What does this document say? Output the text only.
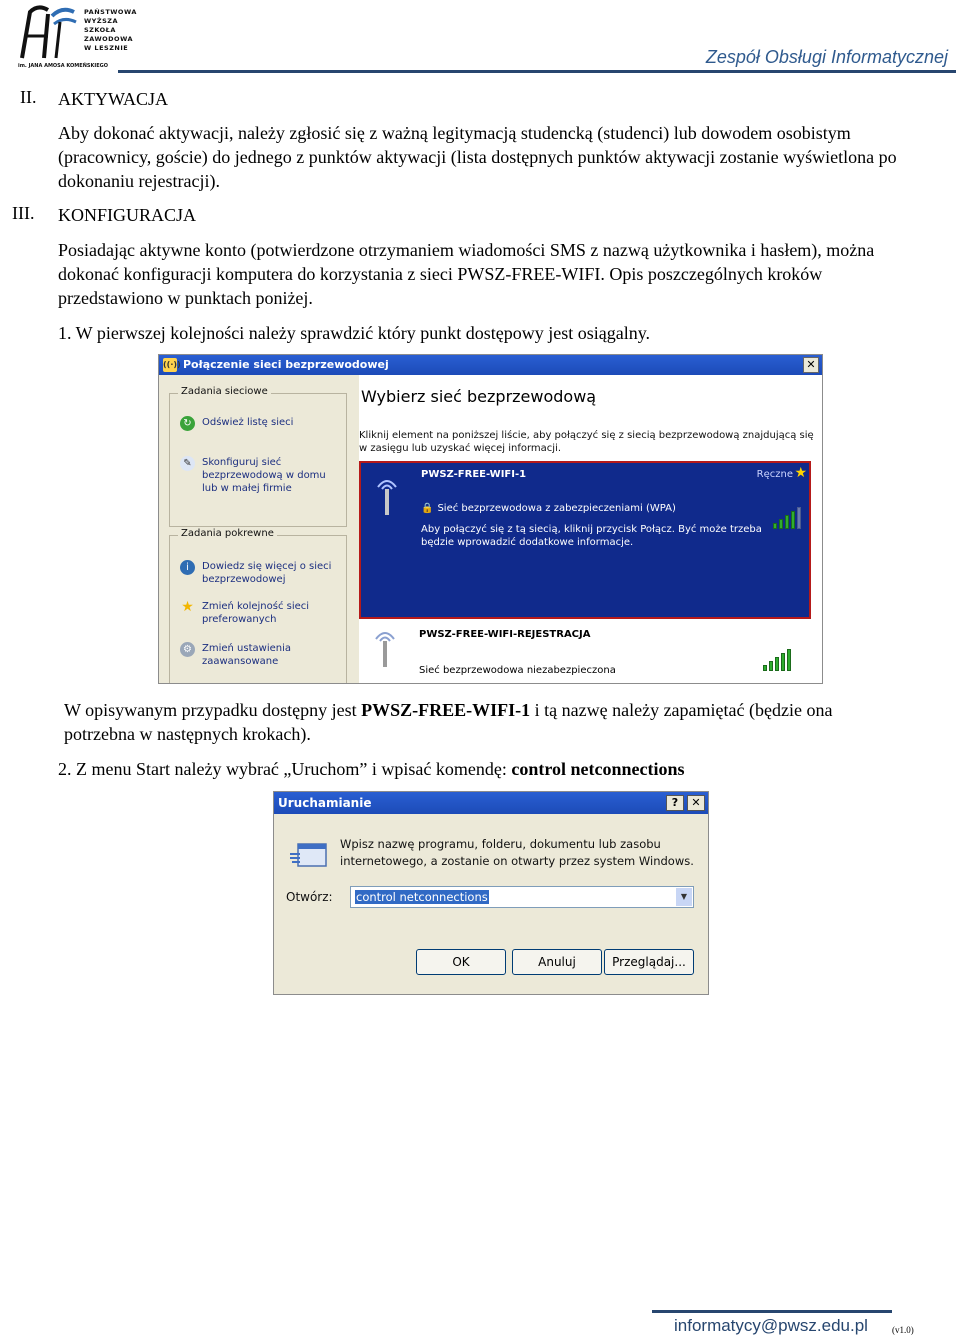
PAŃSTWOWA
WYŻSZA
SZKOŁA
ZAWODOWA
W LESZNIE
im. JANA AMOSA KOMEŃSKIEGO	Zespół Obsługi Informatycznej
II. AKTYWACJA
Aby dokonać aktywacji, należy zgłosić się z ważną legitymacją studencką (studenci) lub dowodem osobistym (pracownicy, goście) do jednego z punktów aktywacji (lista dostępnych punktów aktywacji zostanie wyświetlona po dokonaniu rejestracji).
III. KONFIGURACJA
Posiadając aktywne konto (potwierdzone otrzymaniem wiadomości SMS z nazwą użytkownika i hasłem), można dokonać konfiguracji komputera do korzystania z sieci PWSZ-FREE-WIFI. Opis poszczególnych kroków przedstawiono w punktach poniżej.
1. W pierwszej kolejności należy sprawdzić który punkt dostępowy jest osiągalny.
((·)) Połączenie sieci bezprzewodowej	✕
Zadania sieciowe
↻	Odśwież listę sieci
✎	Skonfiguruj sieć bezprzewodową w domu lub w małej firmie
Zadania pokrewne
i	Dowiedz się więcej o sieci bezprzewodowej
★ Zmień kolejność sieci preferowanych
⚙	Zmień ustawienia zaawansowane
Wybierz sieć bezprzewodową
Kliknij element na poniższej liście, aby połączyć się z siecią bezprzewodową znajdującą się w zasięgu lub uzyskać więcej informacji.
PWSZ-FREE-WIFI-1	Ręczne ★
🔒 Sieć bezprzewodowa z zabezpieczeniami (WPA)
Aby połączyć się z tą siecią, kliknij przycisk Połącz. Być może trzeba będzie wprowadzić dodatkowe informacje.
PWSZ-FREE-WIFI-REJESTRACJA
Sieć bezprzewodowa niezabezpieczona
W opisywanym przypadku dostępny jest PWSZ-FREE-WIFI-1 i tą nazwę należy zapamiętać (będzie ona potrzebna w następnych krokach).
2. Z menu Start należy wybrać „Uruchom” i wpisać komendę: control netconnections
Uruchamianie	?	✕
Wpisz nazwę programu, folderu, dokumentu lub zasobu internetowego, a zostanie on otwarty przez system Windows.
Otwórz: control netconnections	▼
OK	Anuluj	Przeglądaj...
informatycy@pwsz.edu.pl	(v1.0)
